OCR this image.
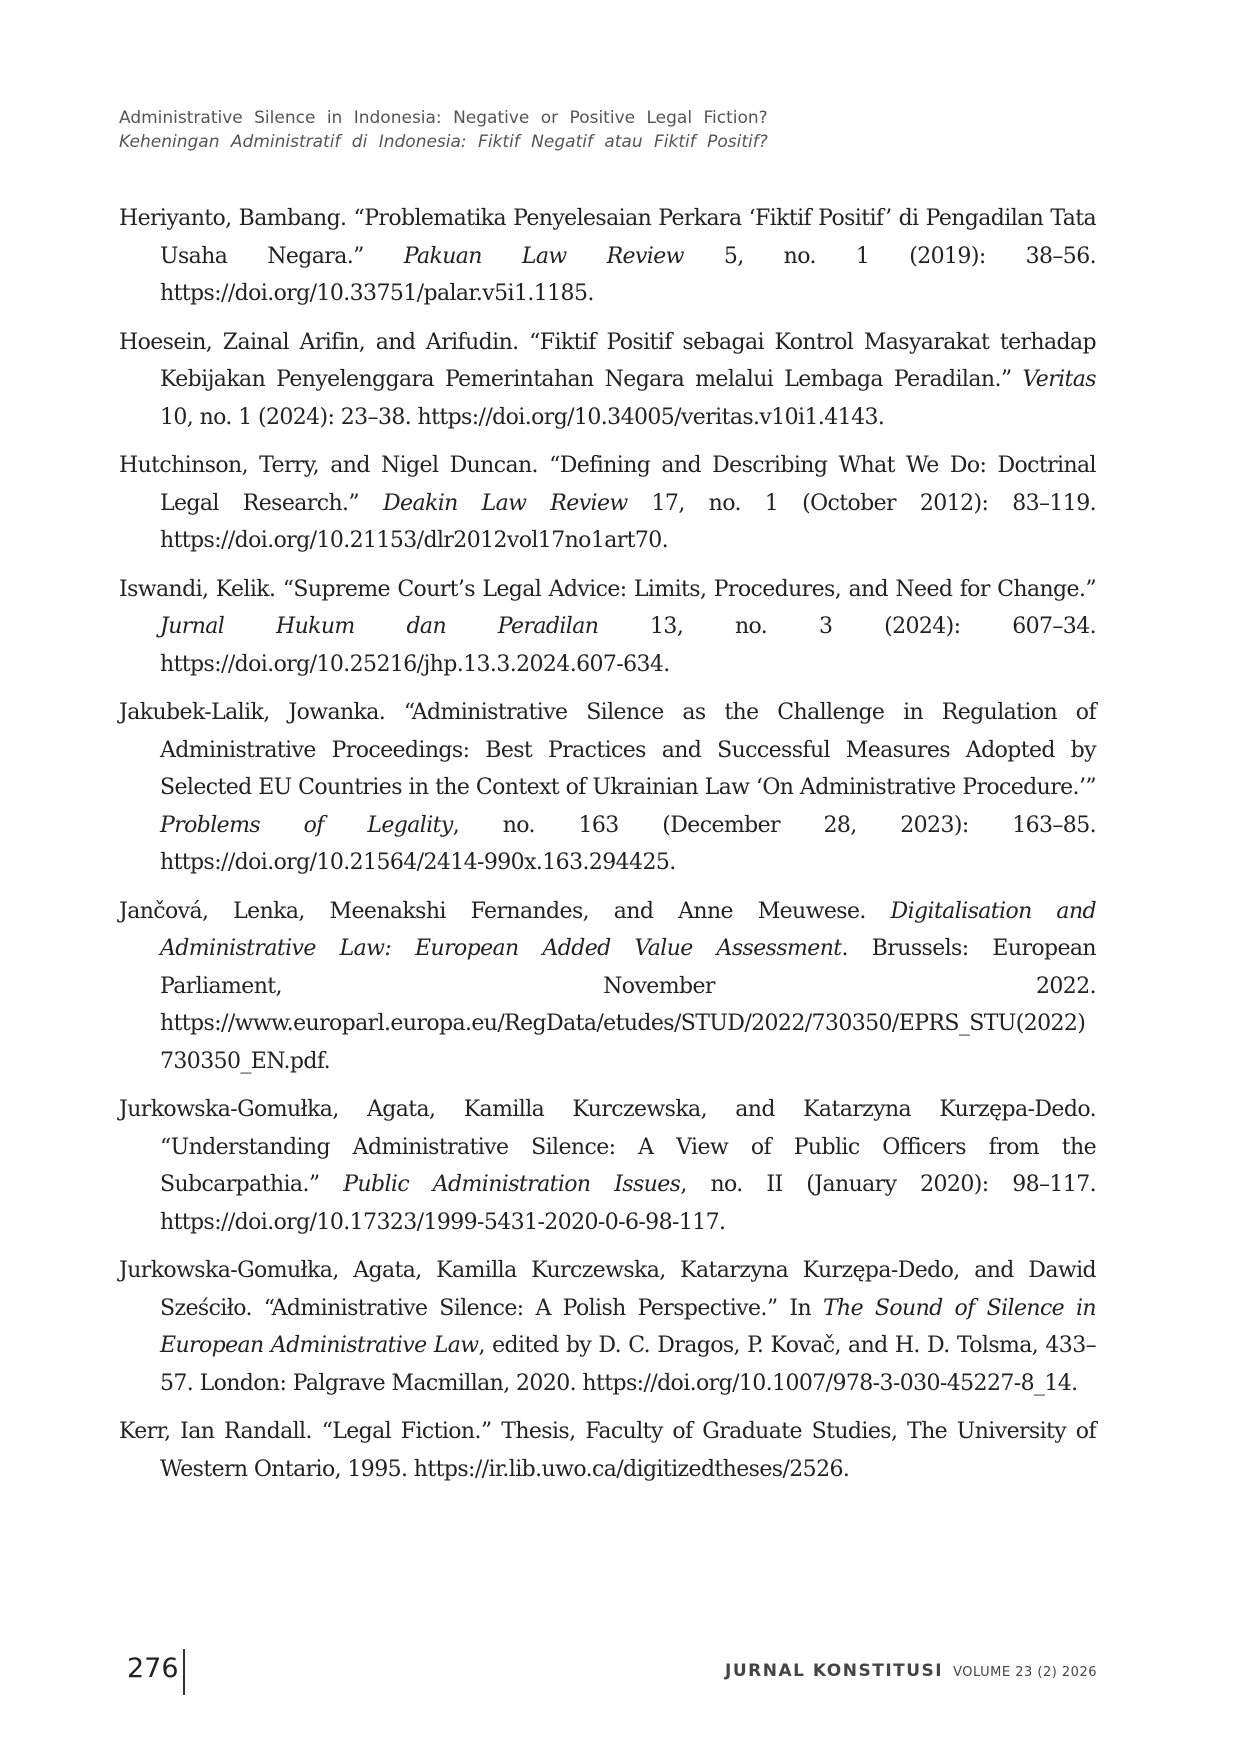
Administrative Silence in Indonesia: Negative or Positive Legal Fiction?
Keheningan Administratif di Indonesia: Fiktif Negatif atau Fiktif Positif?

Heriyanto, Bambang. “Problematika Penyelesaian Perkara ‘Fiktif Positif’ di Pengadilan Tata Usaha Negara.” Pakuan Law Review 5, no. 1 (2019): 38–56. https://doi.org/10.33751/palar.v5i1.1185.

Hoesein, Zainal Arifin, and Arifudin. “Fiktif Positif sebagai Kontrol Masyarakat terhadap Kebijakan Penyelenggara Pemerintahan Negara melalui Lembaga Peradilan.” Veritas 10, no. 1 (2024): 23–38. https://doi.org/10.34005/veritas.v10i1.4143.

Hutchinson, Terry, and Nigel Duncan. “Defining and Describing What We Do: Doctrinal Legal Research.” Deakin Law Review 17, no. 1 (October 2012): 83–119. https://doi.org/10.21153/dlr2012vol17no1art70.

Iswandi, Kelik. “Supreme Court’s Legal Advice: Limits, Procedures, and Need for Change.” Jurnal Hukum dan Peradilan 13, no. 3 (2024): 607–34. https://doi.org/10.25216/jhp.13.3.2024.607-634.

Jakubek-Lalik, Jowanka. “Administrative Silence as the Challenge in Regulation of Administrative Proceedings: Best Practices and Successful Measures Adopted by Selected EU Countries in the Context of Ukrainian Law ‘On Administrative Procedure.’” Problems of Legality, no. 163 (December 28, 2023): 163–85. https://doi.org/10.21564/2414-990x.163.294425.

Jančová, Lenka, Meenakshi Fernandes, and Anne Meuwese. Digitalisation and Administrative Law: European Added Value Assessment. Brussels: European Parliament, November 2022. https://www.europarl.europa.eu/RegData/etudes/STUD/2022/730350/EPRS_STU(2022)730350_EN.pdf.

Jurkowska-Gomułka, Agata, Kamilla Kurczewska, and Katarzyna Kurzępa-Dedo. “Understanding Administrative Silence: A View of Public Officers from the Subcarpathia.” Public Administration Issues, no. II (January 2020): 98–117. https://doi.org/10.17323/1999-5431-2020-0-6-98-117.

Jurkowska-Gomułka, Agata, Kamilla Kurczewska, Katarzyna Kurzępa-Dedo, and Dawid Sześciło. “Administrative Silence: A Polish Perspective.” In The Sound of Silence in European Administrative Law, edited by D. C. Dragos, P. Kovač, and H. D. Tolsma, 433–57. London: Palgrave Macmillan, 2020. https://doi.org/10.1007/978-3-030-45227-8_14.

Kerr, Ian Randall. “Legal Fiction.” Thesis, Faculty of Graduate Studies, The University of Western Ontario, 1995. https://ir.lib.uwo.ca/digitizedtheses/2526.

276	JURNAL KONSTITUSI VOLUME 23 (2) 2026
